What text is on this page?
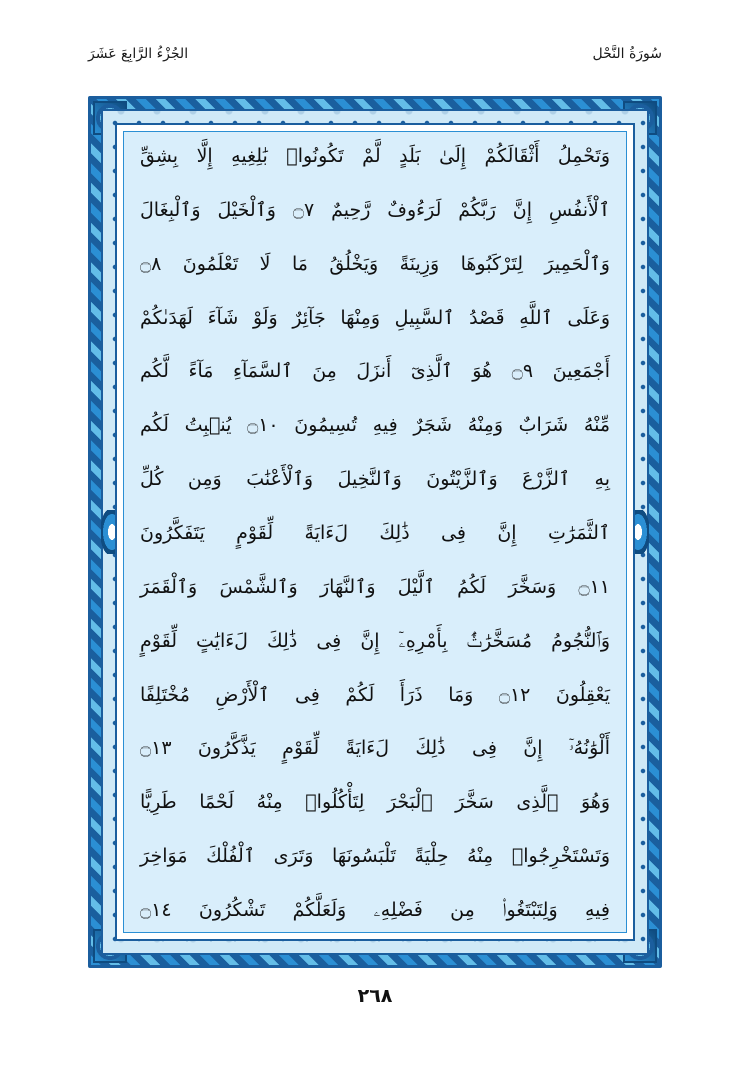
الجُزْءُ الرَّابِعَ عَشَرَ	سُورَةُ النَّحْل
وَتَحْمِلُ أَثْقَالَكُمْ إِلَىٰ بَلَدٍ لَّمْ تَكُونُوا۟ بَٰلِغِيهِ إِلَّا بِشِقِّ
ٱلْأَنفُسِ إِنَّ رَبَّكُمْ لَرَءُوفٌ رَّحِيمٌ ۝٧ وَٱلْخَيْلَ وَٱلْبِغَالَ
وَٱلْحَمِيرَ لِتَرْكَبُوهَا وَزِينَةً وَيَخْلُقُ مَا لَا تَعْلَمُونَ ۝٨
وَعَلَى ٱللَّهِ قَصْدُ ٱلسَّبِيلِ وَمِنْهَا جَآئِرٌ وَلَوْ شَآءَ لَهَدَىٰكُمْ
أَجْمَعِينَ ۝٩ هُوَ ٱلَّذِىٓ أَنزَلَ مِنَ ٱلسَّمَآءِ مَآءً لَّكُم
مِّنْهُ شَرَابٌ وَمِنْهُ شَجَرٌ فِيهِ تُسِيمُونَ ۝١٠ يُنۢبِتُ لَكُم
بِهِ ٱلزَّرْعَ وَٱلزَّيْتُونَ وَٱلنَّخِيلَ وَٱلْأَعْنَٰبَ وَمِن كُلِّ
ٱلثَّمَرَٰتِ إِنَّ فِى ذَٰلِكَ لَءَايَةً لِّقَوْمٍ يَتَفَكَّرُونَ
۝١١ وَسَخَّرَ لَكُمُ ٱلَّيْلَ وَٱلنَّهَارَ وَٱلشَّمْسَ وَٱلْقَمَرَ
وَٱلنُّجُومُ مُسَخَّرَٰتٌۢ بِأَمْرِهِۦٓ إِنَّ فِى ذَٰلِكَ لَءَايَٰتٍ لِّقَوْمٍ
يَعْقِلُونَ ۝١٢ وَمَا ذَرَأَ لَكُمْ فِى ٱلْأَرْضِ مُخْتَلِفًا
أَلْوَٰنُهُۥٓ إِنَّ فِى ذَٰلِكَ لَءَايَةً لِّقَوْمٍ يَذَّكَّرُونَ ۝١٣
وَهُوَ ٱلَّذِى سَخَّرَ ٱلْبَحْرَ لِتَأْكُلُوا۟ مِنْهُ لَحْمًا طَرِيًّا
وَتَسْتَخْرِجُوا۟ مِنْهُ حِلْيَةً تَلْبَسُونَهَا وَتَرَى ٱلْفُلْكَ مَوَاخِرَ
فِيهِ وَلِتَبْتَغُوا۟ مِن فَضْلِهِۦ وَلَعَلَّكُمْ تَشْكُرُونَ ۝١٤
٢٦٨
